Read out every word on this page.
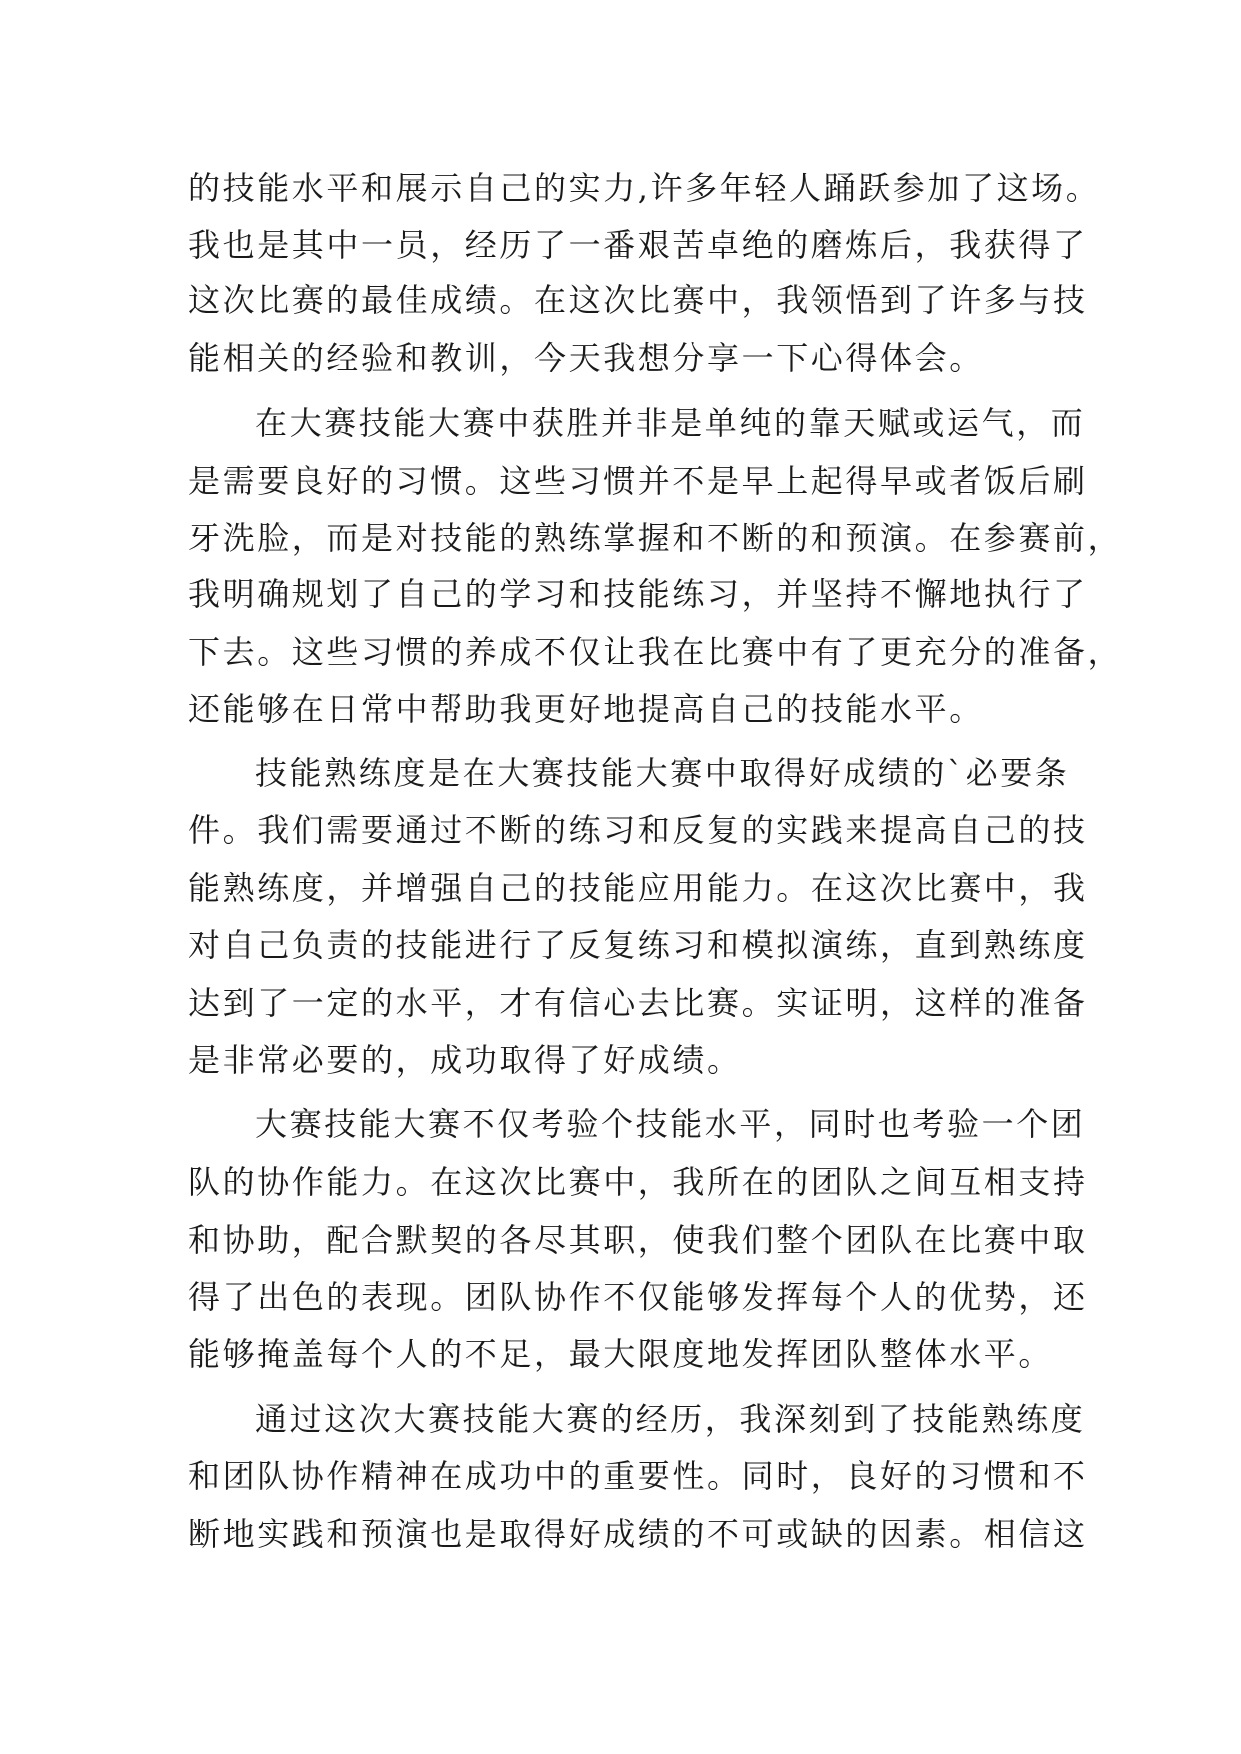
的技能水平和展示自己的实力,许多年轻人踊跃参加了这场。
我也是其中一员，经历了一番艰苦卓绝的磨炼后，我获得了
这次比赛的最佳成绩。在这次比赛中，我领悟到了许多与技
能相关的经验和教训，今天我想分享一下心得体会。
在大赛技能大赛中获胜并非是单纯的靠天赋或运气，而
是需要良好的习惯。这些习惯并不是早上起得早或者饭后刷
牙洗脸，而是对技能的熟练掌握和不断的和预演。在参赛前，
我明确规划了自己的学习和技能练习，并坚持不懈地执行了
下去。这些习惯的养成不仅让我在比赛中有了更充分的准备，
还能够在日常中帮助我更好地提高自己的技能水平。
技能熟练度是在大赛技能大赛中取得好成绩的`必要条
件。我们需要通过不断的练习和反复的实践来提高自己的技
能熟练度，并增强自己的技能应用能力。在这次比赛中，我
对自己负责的技能进行了反复练习和模拟演练，直到熟练度
达到了一定的水平，才有信心去比赛。实证明，这样的准备
是非常必要的，成功取得了好成绩。
大赛技能大赛不仅考验个技能水平，同时也考验一个团
队的协作能力。在这次比赛中，我所在的团队之间互相支持
和协助，配合默契的各尽其职，使我们整个团队在比赛中取
得了出色的表现。团队协作不仅能够发挥每个人的优势，还
能够掩盖每个人的不足，最大限度地发挥团队整体水平。
通过这次大赛技能大赛的经历，我深刻到了技能熟练度
和团队协作精神在成功中的重要性。同时，良好的习惯和不
断地实践和预演也是取得好成绩的不可或缺的因素。相信这
